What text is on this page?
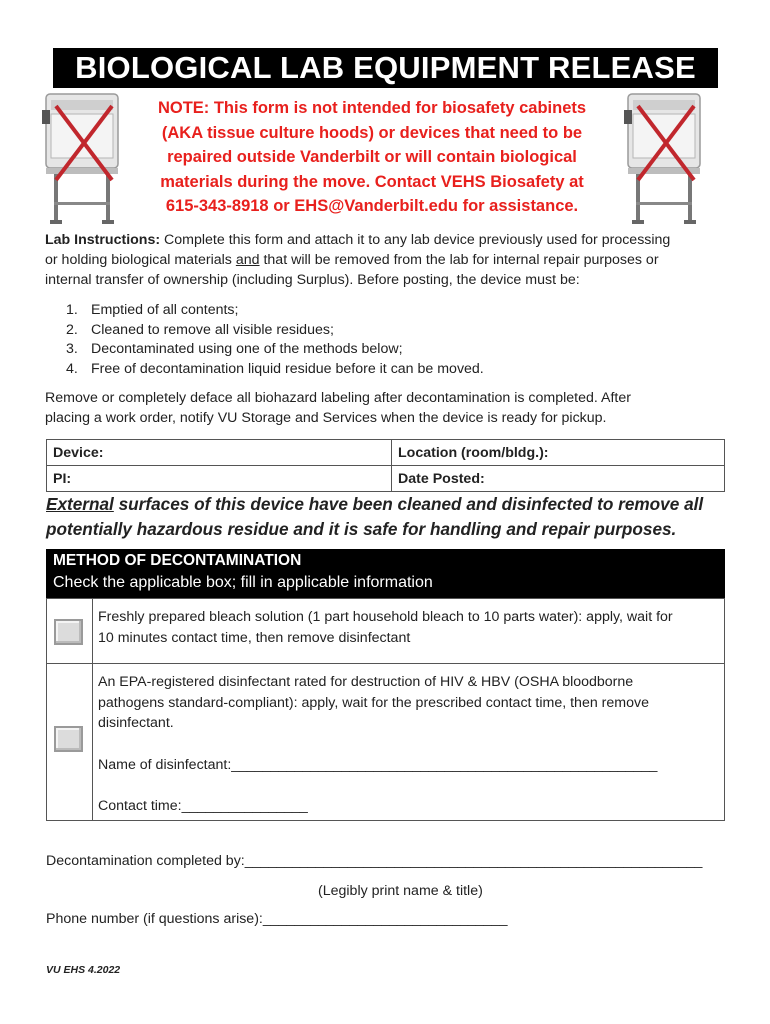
BIOLOGICAL LAB EQUIPMENT RELEASE
NOTE: This form is not intended for biosafety cabinets
(AKA tissue culture hoods) or devices that need to be
repaired outside Vanderbilt or will contain biological
materials during the move. Contact VEHS Biosafety at
615-343-8918 or EHS@Vanderbilt.edu for assistance.
Lab Instructions: Complete this form and attach it to any lab device previously used for processing
or holding biological materials and that will be removed from the lab for internal repair purposes or
internal transfer of ownership (including Surplus). Before posting, the device must be:
1. Emptied of all contents;
2. Cleaned to remove all visible residues;
3. Decontaminated using one of the methods below;
4. Free of decontamination liquid residue before it can be moved.
Remove or completely deface all biohazard labeling after decontamination is completed. After
placing a work order, notify VU Storage and Services when the device is ready for pickup.
Device:	Location (room/bldg.):
PI:	Date Posted:
External surfaces of this device have been cleaned and disinfected to remove all
potentially hazardous residue and it is safe for handling and repair purposes.
METHOD OF DECONTAMINATION
Check the applicable box; fill in applicable information
Freshly prepared bleach solution (1 part household bleach to 10 parts water): apply, wait for
10 minutes contact time, then remove disinfectant
An EPA-registered disinfectant rated for destruction of HIV & HBV (OSHA bloodborne
pathogens standard-compliant): apply, wait for the prescribed contact time, then remove
disinfectant.
Name of disinfectant:______________________________________________________
Contact time:________________
Decontamination completed by:__________________________________________________________
(Legibly print name & title)
Phone number (if questions arise):_______________________________
VU EHS 4.2022
